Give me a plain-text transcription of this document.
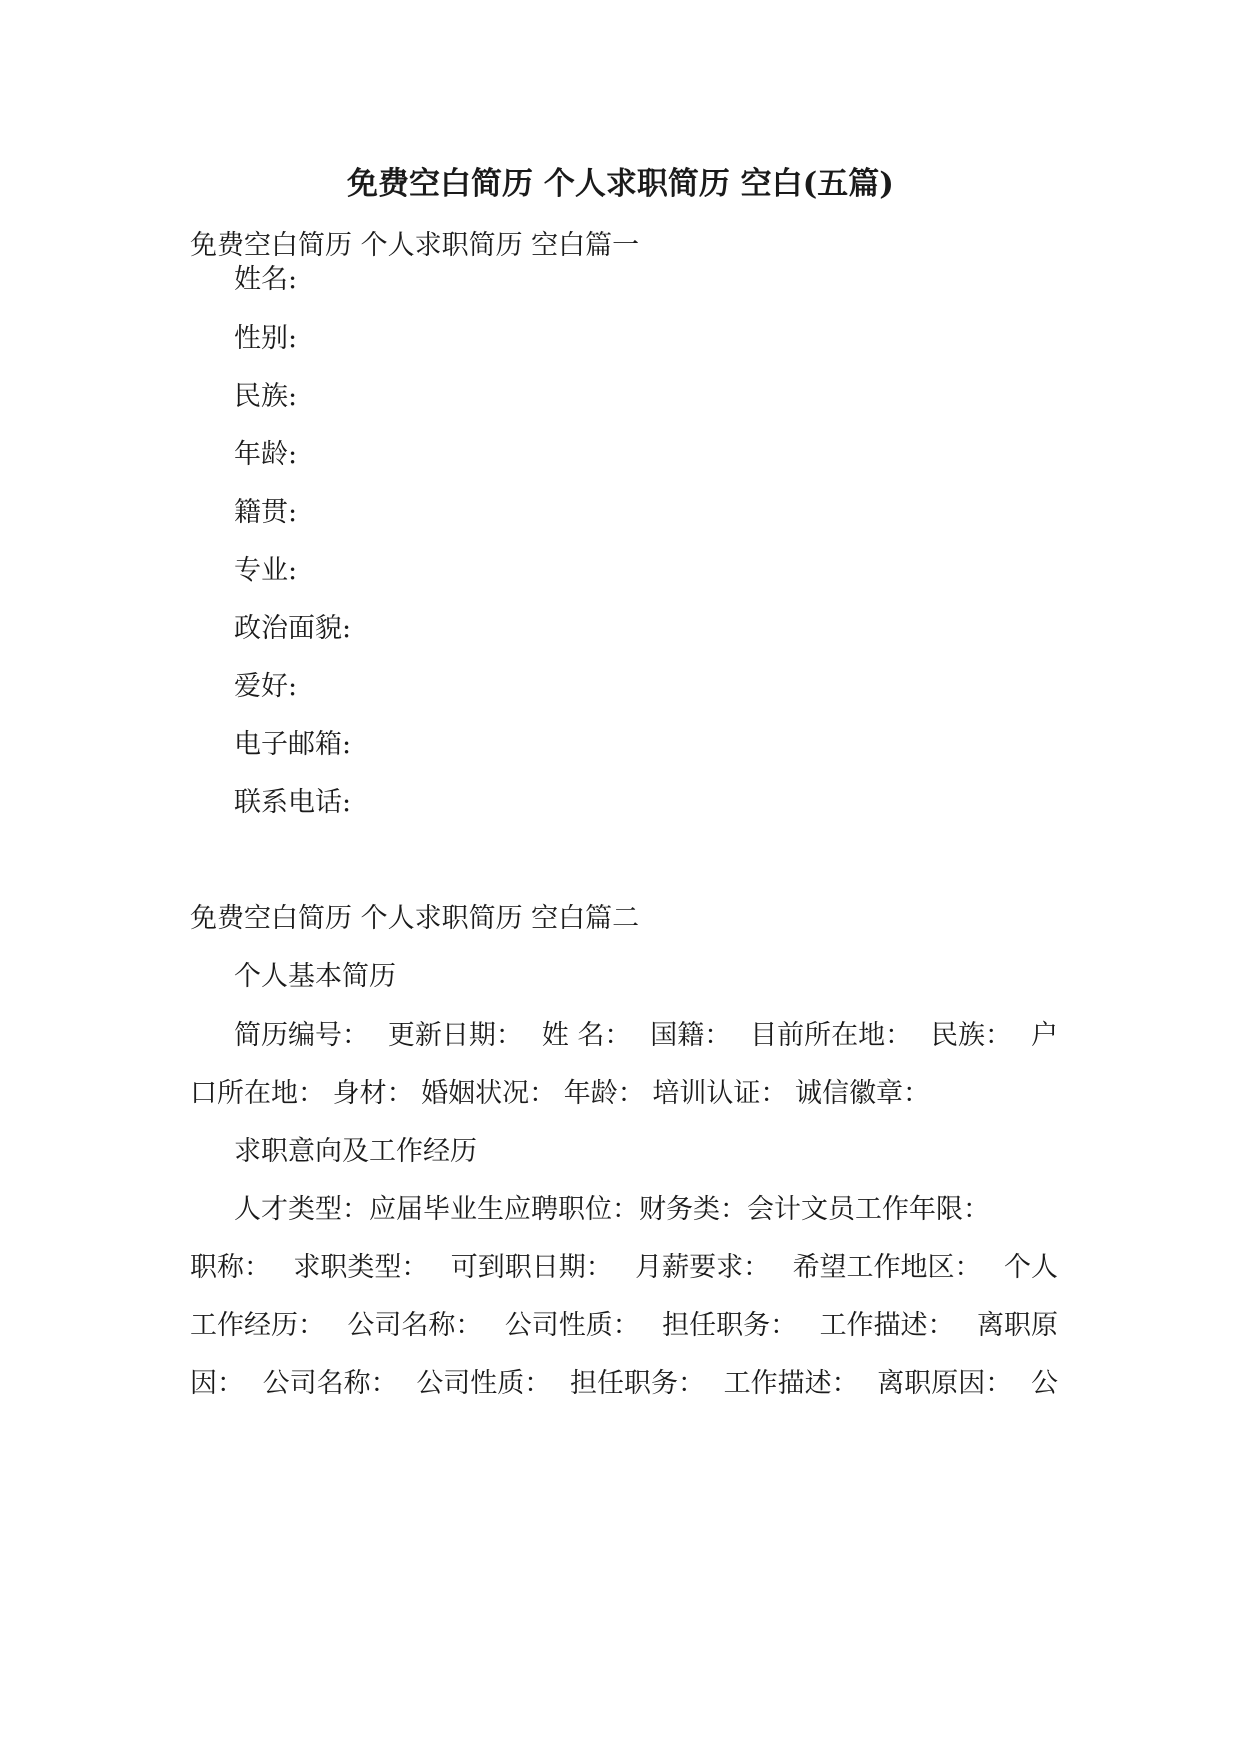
免费空白简历 个人求职简历 空白(五篇)
免费空白简历 个人求职简历 空白篇一
姓名:
性别:
民族:
年龄:
籍贯:
专业:
政治面貌:
爱好:
电子邮箱:
联系电话:
免费空白简历 个人求职简历 空白篇二
个人基本简历
简历编号： 更新日期： 姓 名： 国籍： 目前所在地： 民族： 户
口所在地： 身材： 婚姻状况： 年龄： 培训认证： 诚信徽章：
求职意向及工作经历
人才类型：应届毕业生应聘职位：财务类：会计文员工作年限：
职称： 求职类型： 可到职日期： 月薪要求： 希望工作地区： 个人
工作经历： 公司名称： 公司性质： 担任职务： 工作描述： 离职原
因： 公司名称： 公司性质： 担任职务： 工作描述： 离职原因： 公
